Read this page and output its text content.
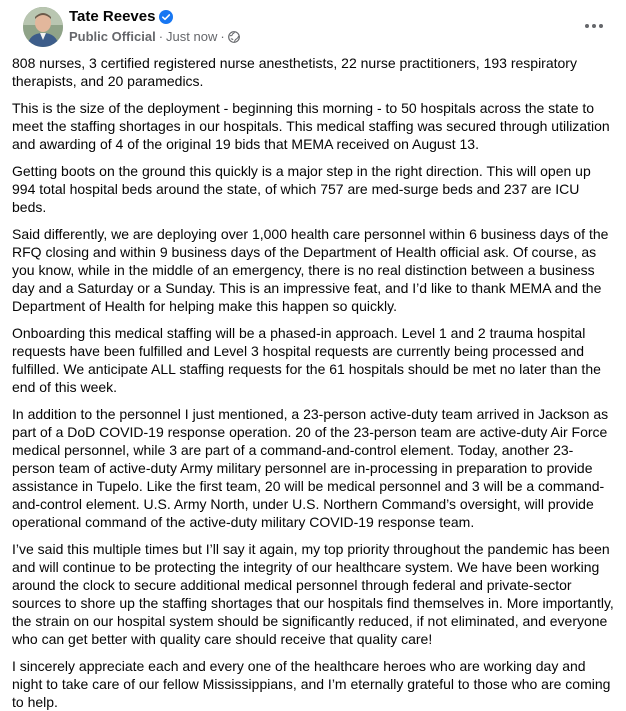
Tate Reeves
Public Official · Just now ·

808 nurses, 3 certified registered nurse anesthetists, 22 nurse practitioners, 193 respiratory therapists, and 20 paramedics.

This is the size of the deployment - beginning this morning - to 50 hospitals across the state to meet the staffing shortages in our hospitals. This medical staffing was secured through utilization and awarding of 4 of the original 19 bids that MEMA received on August 13.

Getting boots on the ground this quickly is a major step in the right direction. This will open up 994 total hospital beds around the state, of which 757 are med-surge beds and 237 are ICU beds.

Said differently, we are deploying over 1,000 health care personnel within 6 business days of the RFQ closing and within 9 business days of the Department of Health official ask. Of course, as you know, while in the middle of an emergency, there is no real distinction between a business day and a Saturday or a Sunday. This is an impressive feat, and I’d like to thank MEMA and the Department of Health for helping make this happen so quickly.

Onboarding this medical staffing will be a phased-in approach. Level 1 and 2 trauma hospital requests have been fulfilled and Level 3 hospital requests are currently being processed and fulfilled. We anticipate ALL staffing requests for the 61 hospitals should be met no later than the end of this week.

In addition to the personnel I just mentioned, a 23-person active-duty team arrived in Jackson as part of a DoD COVID-19 response operation. 20 of the 23-person team are active-duty Air Force medical personnel, while 3 are part of a command-and-control element. Today, another 23-person team of active-duty Army military personnel are in-processing in preparation to provide assistance in Tupelo. Like the first team, 20 will be medical personnel and 3 will be a command-and-control element. U.S. Army North, under U.S. Northern Command’s oversight, will provide operational command of the active-duty military COVID-19 response team.

I’ve said this multiple times but I’ll say it again, my top priority throughout the pandemic has been and will continue to be protecting the integrity of our healthcare system. We have been working around the clock to secure additional medical personnel through federal and private-sector sources to shore up the staffing shortages that our hospitals find themselves in. More importantly, the strain on our hospital system should be significantly reduced, if not eliminated, and everyone who can get better with quality care should receive that quality care!

I sincerely appreciate each and every one of the healthcare heroes who are working day and night to take care of our fellow Mississippians, and I’m eternally grateful to those who are coming to help.
